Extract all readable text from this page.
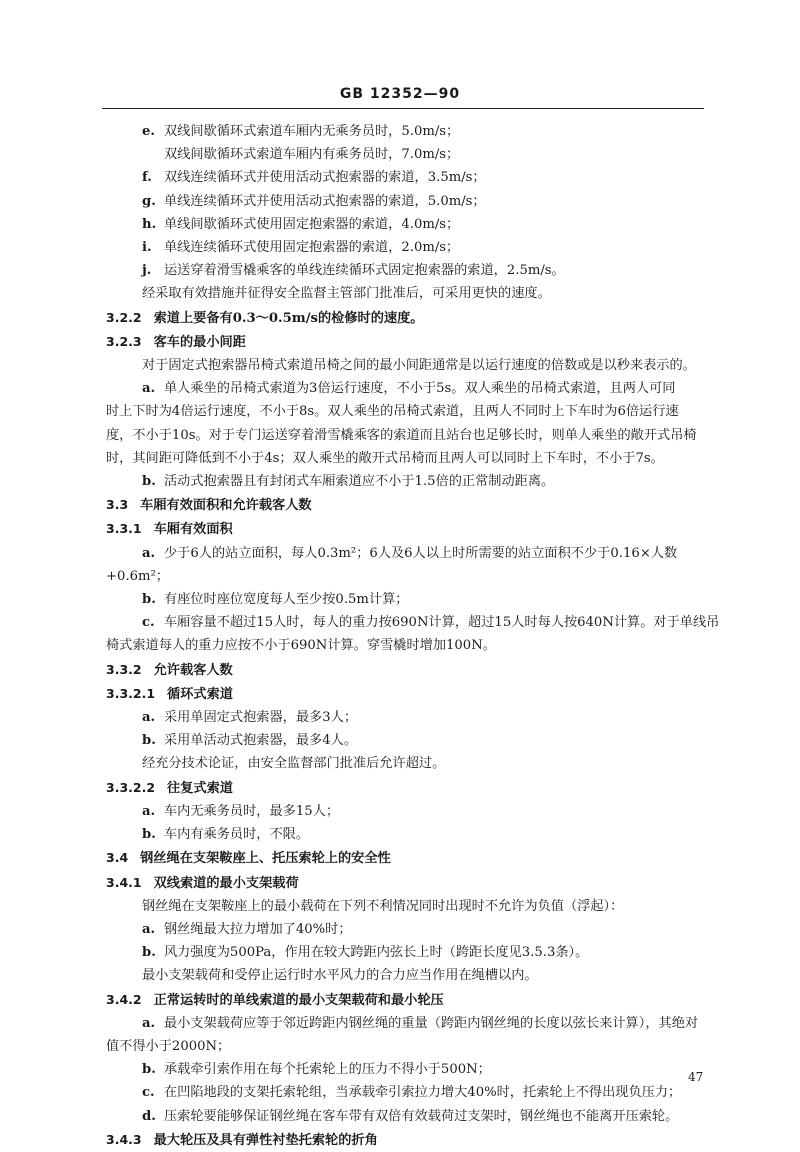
GB 12352—90
e. 双线间歇循环式索道车厢内无乘务员时，5.0m/s；
双线间歇循环式索道车厢内有乘务员时，7.0m/s；
f. 双线连续循环式并使用活动式抱索器的索道，3.5m/s；
g. 单线连续循环式并使用活动式抱索器的索道，5.0m/s；
h. 单线间歇循环式使用固定抱索器的索道，4.0m/s；
i. 单线连续循环式使用固定抱索器的索道，2.0m/s；
j. 运送穿着滑雪橇乘客的单线连续循环式固定抱索器的索道，2.5m/s。
经采取有效措施并征得安全监督主管部门批准后，可采用更快的速度。
3.2.2 索道上要备有0.3～0.5m/s的检修时的速度。
3.2.3 客车的最小间距
对于固定式抱索器吊椅式索道吊椅之间的最小间距通常是以运行速度的倍数或是以秒来表示的。
a. 单人乘坐的吊椅式索道为3倍运行速度，不小于5s。双人乘坐的吊椅式索道，且两人可同
时上下时为4倍运行速度，不小于8s。双人乘坐的吊椅式索道，且两人不同时上下车时为6倍运行速
度，不小于10s。对于专门运送穿着滑雪橇乘客的索道而且站台也足够长时，则单人乘坐的敞开式吊椅
时，其间距可降低到不小于4s；双人乘坐的敞开式吊椅而且两人可以同时上下车时，不小于7s。
b. 活动式抱索器且有封闭式车厢索道应不小于1.5倍的正常制动距离。
3.3 车厢有效面积和允许载客人数
3.3.1 车厢有效面积
a. 少于6人的站立面积，每人0.3m²；6人及6人以上时所需要的站立面积不少于0.16×人数
+0.6m²；
b. 有座位时座位宽度每人至少按0.5m计算；
c. 车厢容量不超过15人时，每人的重力按690N计算，超过15人时每人按640N计算。对于单线吊
椅式索道每人的重力应按不小于690N计算。穿雪橇时增加100N。
3.3.2 允许载客人数
3.3.2.1 循环式索道
a. 采用单固定式抱索器，最多3人；
b. 采用单活动式抱索器，最多4人。
经充分技术论证，由安全监督部门批准后允许超过。
3.3.2.2 往复式索道
a. 车内无乘务员时，最多15人；
b. 车内有乘务员时，不限。
3.4 钢丝绳在支架鞍座上、托压索轮上的安全性
3.4.1 双线索道的最小支架载荷
钢丝绳在支架鞍座上的最小载荷在下列不利情况同时出现时不允许为负值（浮起）：
a. 钢丝绳最大拉力增加了40%时；
b. 风力强度为500Pa，作用在较大跨距内弦长上时（跨距长度见3.5.3条）。
最小支架载荷和受停止运行时水平风力的合力应当作用在绳槽以内。
3.4.2 正常运转时的单线索道的最小支架载荷和最小轮压
a. 最小支架载荷应等于邻近跨距内钢丝绳的重量（跨距内钢丝绳的长度以弦长来计算），其绝对
值不得小于2000N；
b. 承载牵引索作用在每个托索轮上的压力不得小于500N；
c. 在凹陷地段的支架托索轮组，当承载牵引索拉力增大40%时，托索轮上不得出现负压力；
d. 压索轮要能够保证钢丝绳在客车带有双倍有效载荷过支架时，钢丝绳也不能离开压索轮。
3.4.3 最大轮压及具有弹性衬垫托索轮的折角
47
